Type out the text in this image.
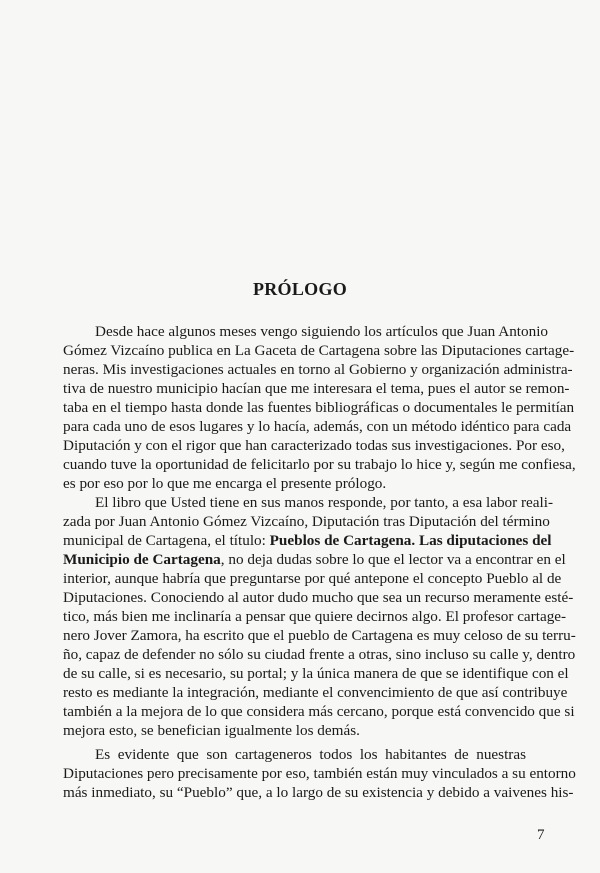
PRÓLOGO
Desde hace algunos meses vengo siguiendo los artículos que Juan Antonio
Gómez Vizcaíno publica en La Gaceta de Cartagena sobre las Diputaciones cartage-
neras. Mis investigaciones actuales en torno al Gobierno y organización administra-
tiva de nuestro municipio hacían que me interesara el tema, pues el autor se remon-
taba en el tiempo hasta donde las fuentes bibliográficas o documentales le permitían
para cada uno de esos lugares y lo hacía, además, con un método idéntico para cada
Diputación y con el rigor que han caracterizado todas sus investigaciones. Por eso,
cuando tuve la oportunidad de felicitarlo por su trabajo lo hice y, según me confiesa,
es por eso por lo que me encarga el presente prólogo.
El libro que Usted tiene en sus manos responde, por tanto, a esa labor reali-
zada por Juan Antonio Gómez Vizcaíno, Diputación tras Diputación del término
municipal de Cartagena, el título: Pueblos de Cartagena. Las diputaciones del
Municipio de Cartagena, no deja dudas sobre lo que el lector va a encontrar en el
interior, aunque habría que preguntarse por qué antepone el concepto Pueblo al de
Diputaciones. Conociendo al autor dudo mucho que sea un recurso meramente esté-
tico, más bien me inclinaría a pensar que quiere decirnos algo. El profesor cartage-
nero Jover Zamora, ha escrito que el pueblo de Cartagena es muy celoso de su terru-
ño, capaz de defender no sólo su ciudad frente a otras, sino incluso su calle y, dentro
de su calle, si es necesario, su portal; y la única manera de que se identifique con el
resto es mediante la integración, mediante el convencimiento de que así contribuye
también a la mejora de lo que considera más cercano, porque está convencido que si
mejora esto, se benefician igualmente los demás.
Es evidente que son cartageneros todos los habitantes de nuestras
Diputaciones pero precisamente por eso, también están muy vinculados a su entorno
más inmediato, su “Pueblo” que, a lo largo de su existencia y debido a vaivenes his-
7
